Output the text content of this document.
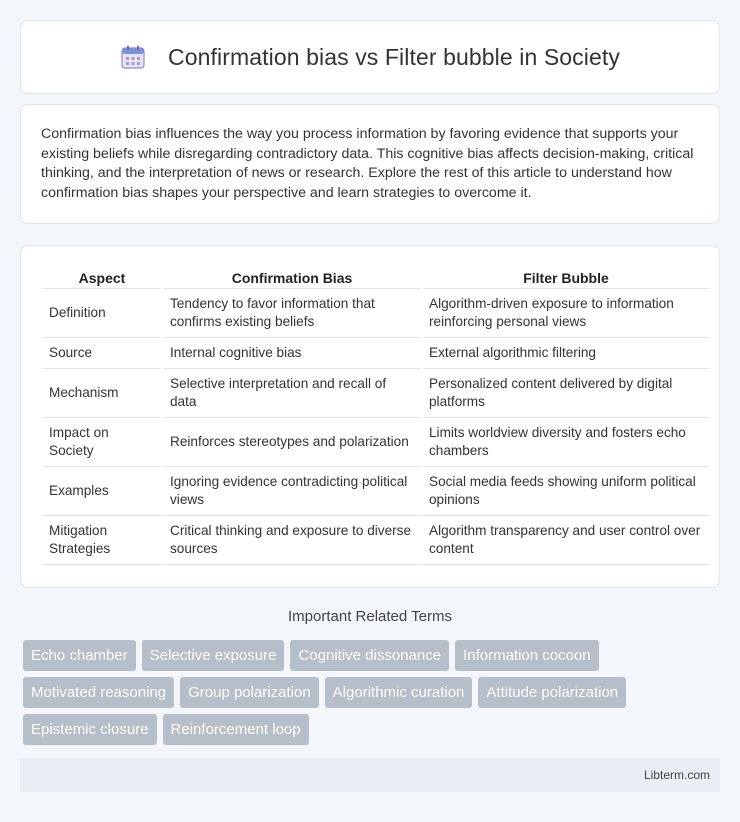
Confirmation bias vs Filter bubble in Society

Confirmation bias influences the way you process information by favoring evidence that supports your existing beliefs while disregarding contradictory data. This cognitive bias affects decision-making, critical thinking, and the interpretation of news or research. Explore the rest of this article to understand how confirmation bias shapes your perspective and learn strategies to overcome it.

Aspect	Confirmation Bias	Filter Bubble
Definition	Tendency to favor information that confirms existing beliefs	Algorithm-driven exposure to information reinforcing personal views
Source	Internal cognitive bias	External algorithmic filtering
Mechanism	Selective interpretation and recall of data	Personalized content delivered by digital platforms
Impact on Society	Reinforces stereotypes and polarization	Limits worldview diversity and fosters echo chambers
Examples	Ignoring evidence contradicting political views	Social media feeds showing uniform political opinions
Mitigation Strategies	Critical thinking and exposure to diverse sources	Algorithm transparency and user control over content
Important Related Terms
Echo chamber	Selective exposure	Cognitive dissonance	Information cocoon
Motivated reasoning	Group polarization	Algorithmic curation	Attitude polarization
Epistemic closure	Reinforcement loop
Libterm.com
